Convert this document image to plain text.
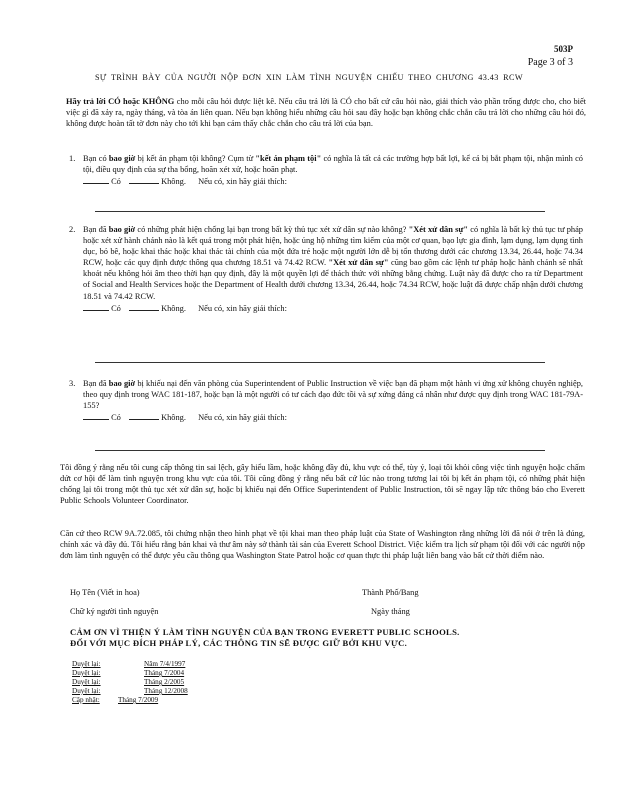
503P
Page 3 of 3
SỰ TRÌNH BÀY CỦA NGƯỜI NỘP ĐƠN XIN LÀM TÌNH NGUYỆN CHIẾU THEO CHƯƠNG 43.43 RCW
Hãy trả lời CÓ hoặc KHÔNG cho mỗi câu hỏi được liệt kê. Nếu câu trả lời là CÓ cho bất cứ câu hỏi nào, giải thích vào phần trống được cho, cho biết việc gì đã xảy ra, ngày tháng, và tòa án liên quan. Nếu bạn không hiểu những câu hỏi sau đây hoặc bạn không chắc chắn câu trả lời cho những câu hỏi đó, không được hoàn tất tờ đơn này cho tới khi bạn cảm thấy chắc chắn cho câu trả lời của bạn.
1. Bạn có bao giờ bị kết án phạm tội không? Cụm từ "kết án phạm tội" có nghĩa là tất cả các trường hợp bất lợi, kể cả bị bắt phạm tội, nhận mình có tội, điều quy định của sự tha bổng, hoãn xét xử, hoặc hoãn phạt.

Có	Không. Nếu có, xin hãy giải thích:

2. Bạn đã bao giờ có những phát hiện chống lại bạn trong bất kỳ thủ tục xét xử dân sự nào không? "Xét xử dân sự" có nghĩa là bất kỳ thủ tục tư pháp hoặc xét xử hành chánh nào là kết quả trong một phát hiện, hoặc ủng hộ những tìm kiếm của một cơ quan, bạo lực gia đình, lạm dụng, lạm dụng tình dục, bỏ bê, hoặc khai thác hoặc khai thác tài chính của một đứa trẻ hoặc một người lớn dễ bị tổn thương dưới các chương 13.34, 26.44, hoặc 74.34 RCW, hoặc các quy định được thông qua chương 18.51 và 74.42 RCW. "Xét xử dân sự" cũng bao gồm các lệnh tư pháp hoặc hành chánh sẽ nhất khoát nếu không hỏi âm theo thời hạn quy định, đây là một quyền lợi để thách thức với những bằng chứng. Luật này đã được cho ra từ Department of Social and Health Services hoặc the Department of Health dưới chương 13.34, 26.44, hoặc 74.34 RCW, hoặc luật đã được chấp nhận dưới chương 18.51 và 74.42 RCW.

Có	Không. Nếu có, xin hãy giải thích:

3. Bạn đã bao giờ bị khiếu nại đến văn phòng của Superintendent of Public Instruction về việc bạn đã phạm một hành vi ứng xử không chuyên nghiệp, theo quy định trong WAC 181-187, hoặc bạn là một người có tư cách đạo đức tồi và sự xứng đáng cá nhân như được quy định trong WAC 181-79A-155?

Có	Không. Nếu có, xin hãy giải thích:

Tôi đồng ý rằng nếu tôi cung cấp thông tin sai lệch, gây hiểu lầm, hoặc không đầy đủ, khu vực có thể, tùy ý, loại tôi khỏi công việc tình nguyện hoặc chấm dứt cơ hội để làm tình nguyện trong khu vực của tôi. Tôi cũng đồng ý rằng nếu bất cứ lúc nào trong tương lai tôi bị kết án phạm tội, có những phát hiện chống lại tôi trong một thủ tục xét xử dân sự, hoặc bị khiếu nại đến Office Superintendent of Public Instruction, tôi sẽ ngay lập tức thông báo cho Everett Public Schools Volunteer Coordinator.
Căn cứ theo RCW 9A.72.085, tôi chứng nhận theo hình phạt về tội khai man theo pháp luật của State of Washington rằng những lời đã nói ở trên là đúng, chính xác và đầy đủ. Tôi hiểu rằng bản khai và thư âm này sở thành tài sản của Everett School District. Việc kiểm tra lịch sử phạm tội đối với các người nộp đơn làm tình nguyện có thể được yêu cầu thông qua Washington State Patrol hoặc cơ quan thực thi pháp luật liên bang vào bất cứ thời điểm nào.
Họ Tên (Viết in hoa)	Thành Phố/Bang
Chữ ký người tình nguyện	Ngày tháng
CẢM ƠN VÌ THIỆN Ý LÀM TÌNH NGUYỆN CỦA BẠN TRONG EVERETT PUBLIC SCHOOLS.
ĐỐI VỚI MỤC ĐÍCH PHÁP LÝ, CÁC THÔNG TIN SẼ ĐƯỢC GIỮ BỞI KHU VỰC.
Duyệt lại:	Năm 7/4/1997
Duyệt lại:	Tháng 7/2004
Duyệt lại:	Tháng 2/2005
Duyệt lại:	Tháng 12/2008
Cập nhật:	Tháng 7/2009
